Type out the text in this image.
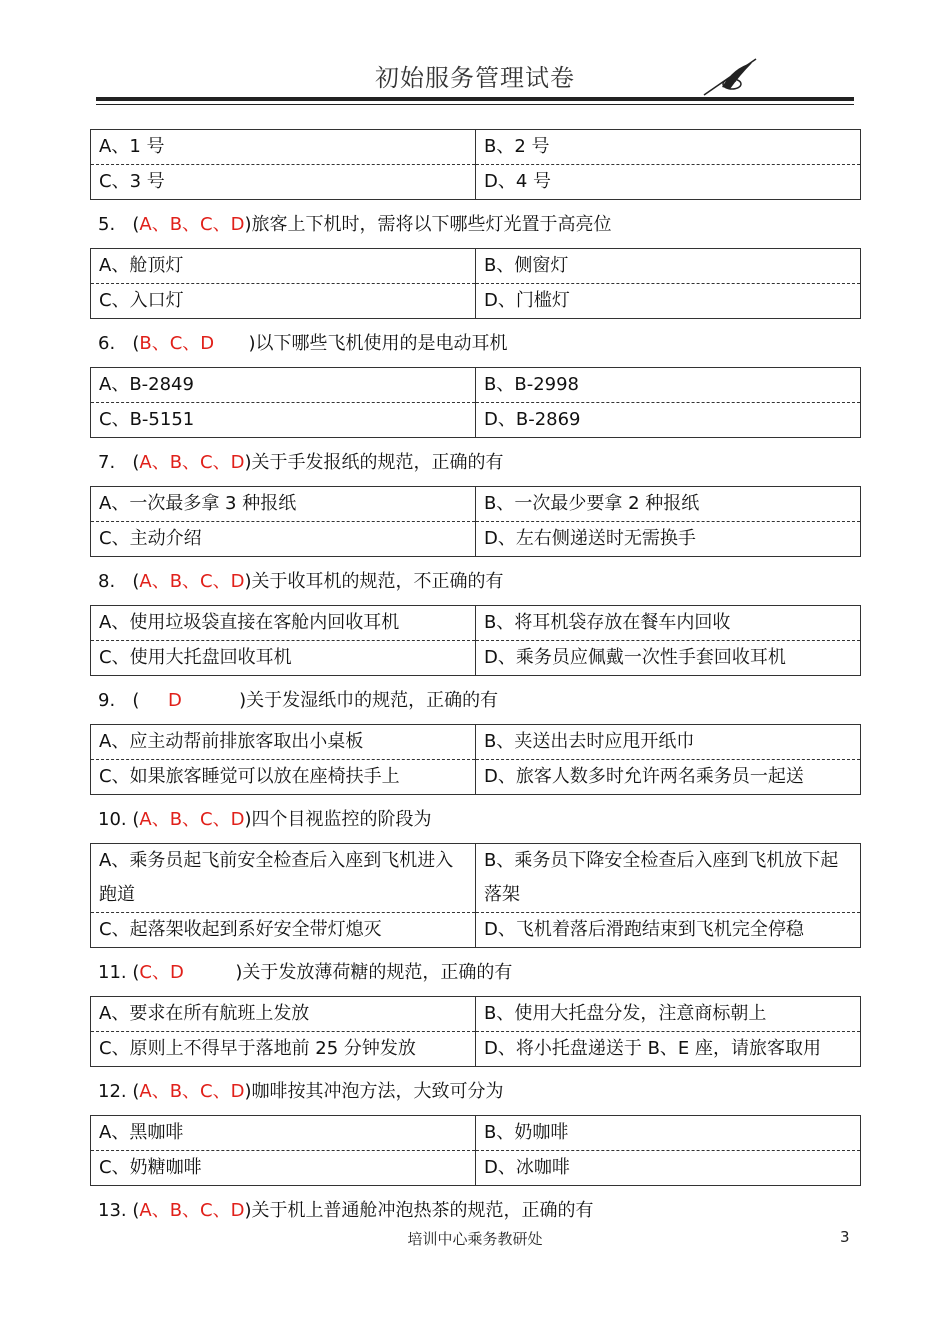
初始服务管理试卷
A、1 号	B、2 号
C、3 号	D、4 号
5.   (A、B、C、D)旅客上下机时，需将以下哪些灯光置于高亮位
A、舱顶灯	B、侧窗灯
C、入口灯	D、门槛灯
6.   (B、C、D      )以下哪些飞机使用的是电动耳机
A、B-2849	B、B-2998
C、B-5151	D、B-2869
7.   (A、B、C、D)关于手发报纸的规范，正确的有
A、一次最多拿 3 种报纸	B、一次最少要拿 2 种报纸
C、主动介绍	D、左右侧递送时无需换手
8.   (A、B、C、D)关于收耳机的规范，不正确的有
A、使用垃圾袋直接在客舱内回收耳机	B、将耳机袋存放在餐车内回收
C、使用大托盘回收耳机	D、乘务员应佩戴一次性手套回收耳机
9.   (     D          )关于发湿纸巾的规范，正确的有
A、应主动帮前排旅客取出小桌板	B、夹送出去时应甩开纸巾
C、如果旅客睡觉可以放在座椅扶手上	D、旅客人数多时允许两名乘务员一起送
10. (A、B、C、D)四个目视监控的阶段为
A、乘务员起飞前安全检查后入座到飞机进入跑道	B、乘务员下降安全检查后入座到飞机放下起落架
C、起落架收起到系好安全带灯熄灭	D、飞机着落后滑跑结束到飞机完全停稳
11. (C、D         )关于发放薄荷糖的规范，正确的有
A、要求在所有航班上发放	B、使用大托盘分发，注意商标朝上
C、原则上不得早于落地前 25 分钟发放	D、将小托盘递送于 B、E 座，请旅客取用
12. (A、B、C、D)咖啡按其冲泡方法，大致可分为
A、黑咖啡	B、奶咖啡
C、奶糖咖啡	D、冰咖啡
13. (A、B、C、D)关于机上普通舱冲泡热茶的规范，正确的有
培训中心乘务教研处	3
